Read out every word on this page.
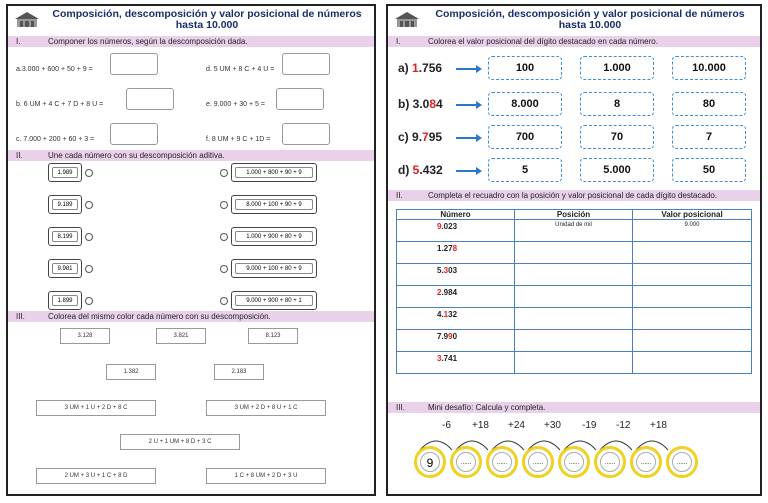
Composición, descomposición y valor posicional de números hasta 10.000
I.	Componer los números, según la descomposición dada.
a.3.000 + 600 + 50 + 9 =	d. 5 UM + 8 C + 4 U =
b. 6 UM + 4 C + 7 D + 8 U =	e. 9.000 + 30 + 5 =
c. 7.000 + 200 + 60 + 3 =	f. 8 UM + 9 C + 1D =
II.	Une cada número con su descomposición aditiva.
1.989	1.000 + 800 + 90 + 9
9.189	8.000 + 100 + 90 + 9
8.199	1.000 + 900 + 80 + 9
9.981	9.000 + 100 + 80 + 9
1.899	9.000 + 900 + 80 + 1
III.	Colorea del mismo color cada número con su descomposición.
3.128	3.821	8.123
1.382	2.183
3 UM + 1 U + 2 D + 8 C	3 UM + 2 D + 8 U + 1 C
2 U + 1 UM + 8 D + 3 C
2 UM + 3 U + 1 C + 8 D	1 C + 8 UM + 2 D + 3 U
Composición, descomposición y valor posicional de números hasta 10.000
I.	Colorea el valor posicional del dígito destacado en cada número.
a) 1.756	100	1.000	10.000
b) 3.084	8.000	8	80
c) 9.795	700	70	7
d) 5.432	5	5.000	50
II.	Completa el recuadro con la posición y valor posicional de cada dígito destacado.
Número	Posición	Valor posicional
9.023	Unidad de mil	9.000
1.278		
5.303		
2.984		
4.132		
7.990		
3.741		
III.	Mini desafío: Calcula y completa.
-6 +18 +24 +30 -19 -12 +18
9	......	......	......	......	......	......	......
